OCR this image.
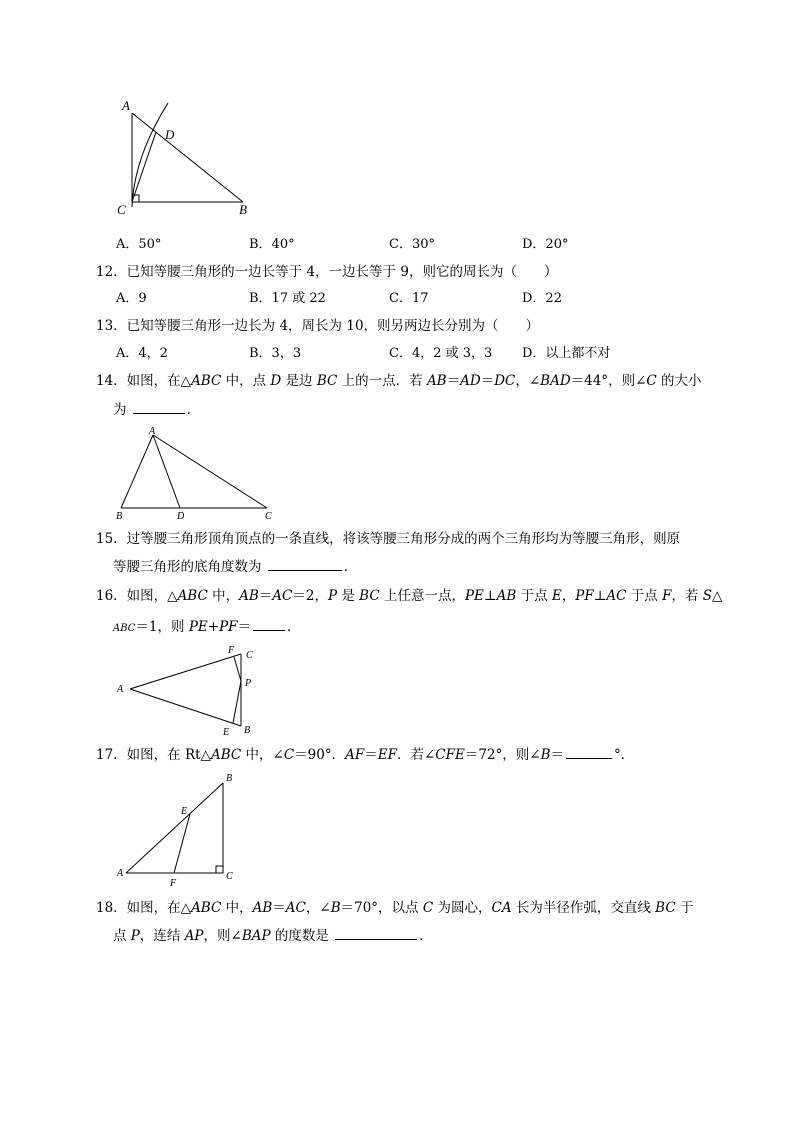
A
D
C	B
A．50°	B．40°	C．30°	D．20°
12．已知等腰三角形的一边长等于 4，一边长等于 9，则它的周长为（　　）
A．9	B．17 或 22	C．17	D．22
13．已知等腰三角形一边长为 4，周长为 10，则另两边长分别为（　　）
A．4，2	B．3，3	C．4，2 或 3，3 D．以上都不对
14．如图，在△ABC 中，点 D 是边 BC 上的一点．若 AB＝AD＝DC，∠BAD＝44°，则∠C 的大小
为	．
A
B	D	C
15．过等腰三角形顶角顶点的一条直线，将该等腰三角形分成的两个三角形均为等腰三角形，则原
等腰三角形的底角度数为	．
16．如图，△ABC 中，AB＝AC＝2，P 是 BC 上任意一点，PE⊥AB 于点 E，PF⊥AC 于点 F，若 S△
ABC＝1，则 PE+PF＝	．
F C
A
P
E B
17．如图，在 Rt△ABC 中，∠C＝90°．AF＝EF．若∠CFE＝72°，则∠B＝	°．
B
E
A
F
C
18．如图，在△ABC 中，AB＝AC，∠B＝70°，以点 C 为圆心，CA 长为半径作弧，交直线 BC 于
点 P，连结 AP，则∠BAP 的度数是	．
